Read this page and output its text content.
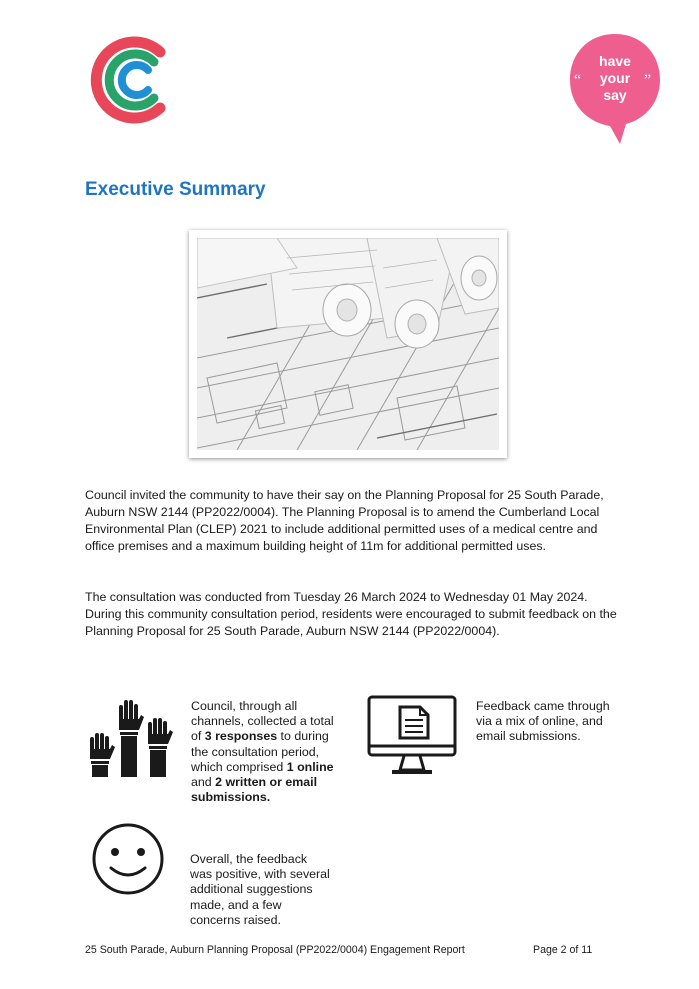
“	”
have
your
say
Executive Summary
Council invited the community to have their say on the Planning Proposal for 25 South Parade, Auburn NSW 2144 (PP2022/0004). The Planning Proposal is to amend the Cumberland Local Environmental Plan (CLEP) 2021 to include additional permitted uses of a medical centre and office premises and a maximum building height of 11m for additional permitted uses.
The consultation was conducted from Tuesday 26 March 2024 to Wednesday 01 May 2024. During this community consultation period, residents were encouraged to submit feedback on the Planning Proposal for 25 South Parade, Auburn NSW 2144 (PP2022/0004).
Council, through all channels, collected a total of 3 responses to during the consultation period, which comprised 1 online and 2 written or email submissions.
Feedback came through via a mix of online, and email submissions.
Overall, the feedback was positive, with several additional suggestions made, and a few concerns raised.
25 South Parade, Auburn Planning Proposal (PP2022/0004) Engagement Report	Page 2 of 11
